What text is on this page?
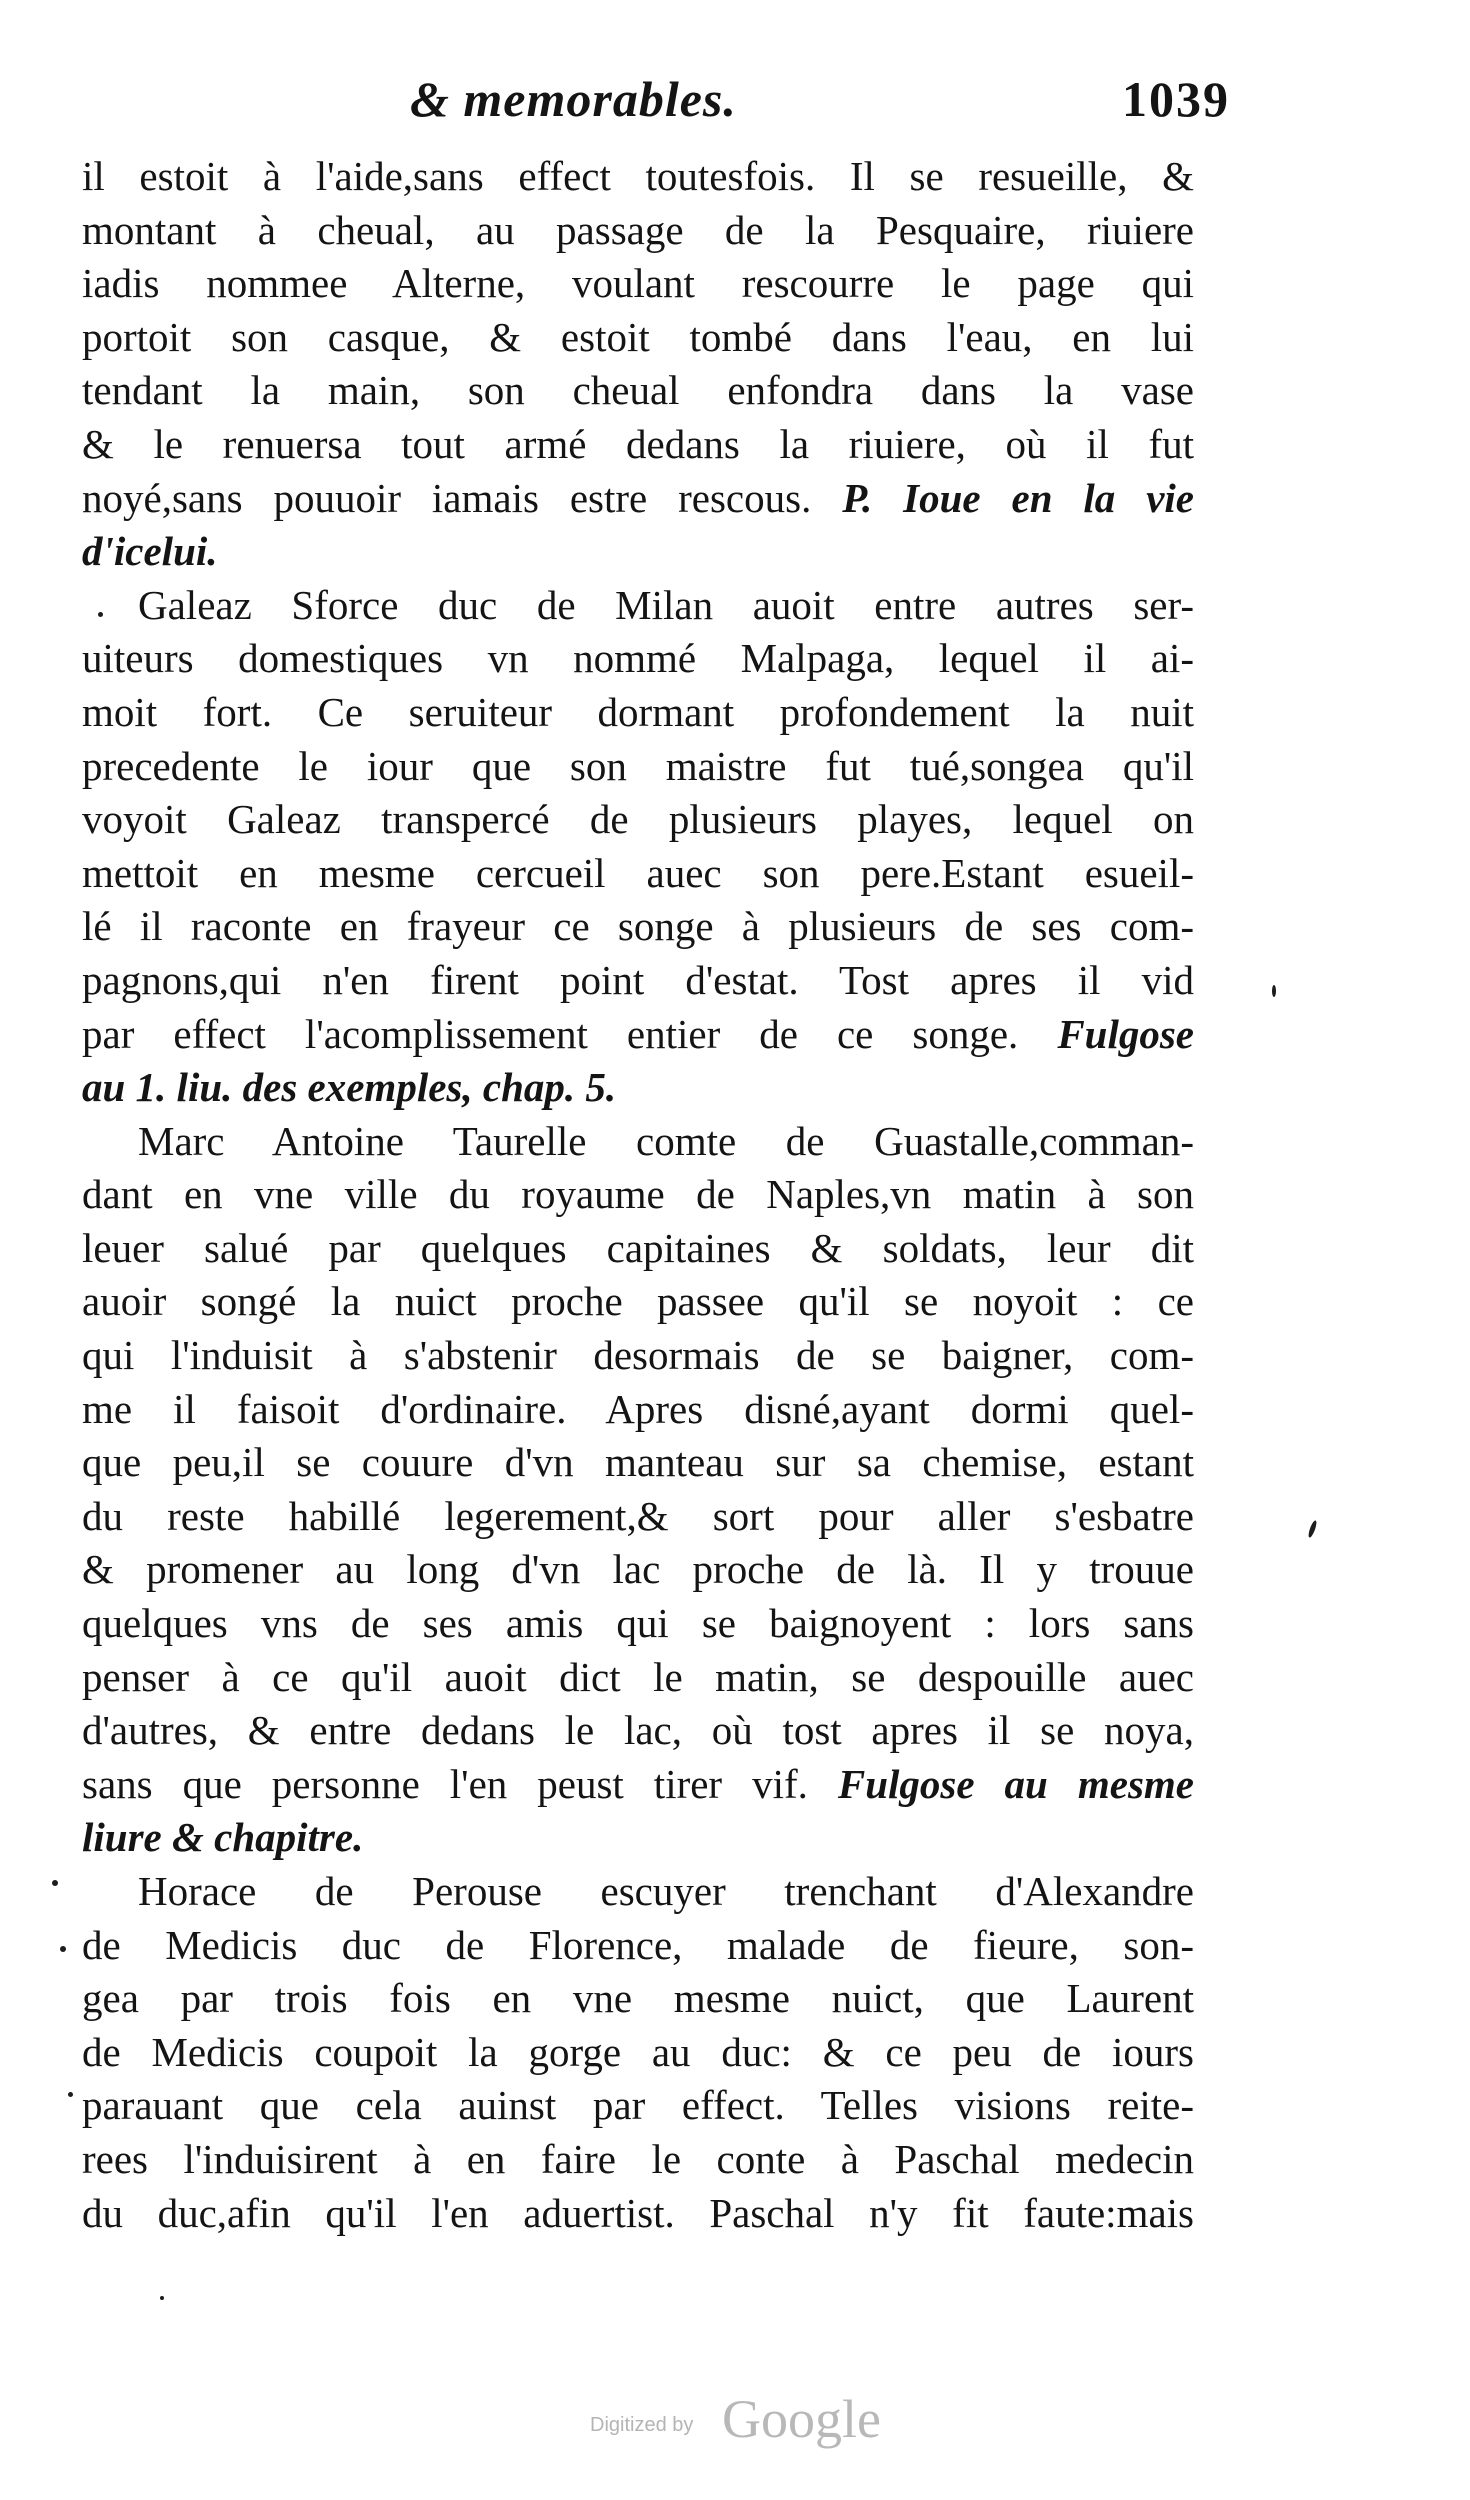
& memorables.	1039
il estoit à l'aide,sans effect toutesfois. Il se resueille, &
montant à cheual, au passage de la Pesquaire, riuiere
iadis nommee Alterne, voulant rescourre le page qui
portoit son casque, & estoit tombé dans l'eau, en lui
tendant la main, son cheual enfondra dans la vase
& le renuersa tout armé dedans la riuiere, où il fut
noyé,sans pouuoir iamais estre rescous. P. Ioue en la vie
d'icelui.
Galeaz Sforce duc de Milan auoit entre autres ser-
uiteurs domestiques vn nommé Malpaga, lequel il ai-
moit fort. Ce seruiteur dormant profondement la nuit
precedente le iour que son maistre fut tué,songea qu'il
voyoit Galeaz transpercé de plusieurs playes, lequel on
mettoit en mesme cercueil auec son pere.Estant esueil-
lé il raconte en frayeur ce songe à plusieurs de ses com-
pagnons,qui n'en firent point d'estat. Tost apres il vid
par effect l'acomplissement entier de ce songe. Fulgose
au 1. liu. des exemples, chap. 5.
Marc Antoine Taurelle comte de Guastalle,comman-
dant en vne ville du royaume de Naples,vn matin à son
leuer salué par quelques capitaines & soldats, leur dit
auoir songé la nuict proche passee qu'il se noyoit : ce
qui l'induisit à s'abstenir desormais de se baigner, com-
me il faisoit d'ordinaire. Apres disné,ayant dormi quel-
que peu,il se couure d'vn manteau sur sa chemise, estant
du reste habillé legerement,& sort pour aller s'esbatre
& promener au long d'vn lac proche de là. Il y trouue
quelques vns de ses amis qui se baignoyent : lors sans
penser à ce qu'il auoit dict le matin, se despouille auec
d'autres, & entre dedans le lac, où tost apres il se noya,
sans que personne l'en peust tirer vif. Fulgose au mesme
liure & chapitre.
Horace de Perouse escuyer trenchant d'Alexandre
de Medicis duc de Florence, malade de fieure, son-
gea par trois fois en vne mesme nuict, que Laurent
de Medicis coupoit la gorge au duc: & ce peu de iours
parauant que cela auinst par effect. Telles visions reite-
rees l'induisirent à en faire le conte à Paschal medecin
du duc,afin qu'il l'en aduertist. Paschal n'y fit faute:mais
Digitized by Google
